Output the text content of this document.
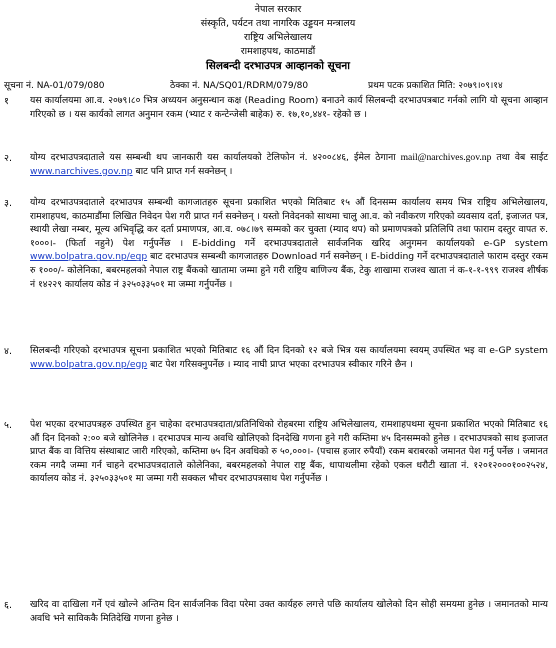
नेपाल सरकार
संस्कृति, पर्यटन तथा नागरिक उड्डयन मन्त्रालय
राष्ट्रिय अभिलेखालय
रामशाहपथ, काठमाडौं
सिलबन्दी दरभाउपत्र आव्हानको सूचना
सूचना नं. NA-01/079/080	ठेक्का नं. NA/SQ01/RDRM/079/80	प्रथम पटक प्रकाशित मिति: २०७९।०९।१४
१ यस कार्यालयमा आ.व. २०७९।८० भित्र अध्ययन अनुसन्धान कक्ष (Reading Room) बनाउने कार्य सिलबन्दी दरभाउपत्रबाट गर्नको लागि यो सूचना आव्हान गरिएको छ । यस कार्यको लागत अनुमान रकम (भ्याट र कन्टेन्जेसी बाहेक) रु. १७,१०,४४१- रहेको छ ।

२. योग्य दरभाउपत्रदाताले यस सम्बन्धी थप जानकारी यस कार्यालयको टेलिफोन नं. ४२००८४६, ईमेल ठेगाना mail@narchives.gov.np तथा वेब साईट www.narchives.gov.np बाट पनि प्राप्त गर्न सक्नेछन् ।

३. योग्य दरभाउपत्रदाताले दरभाउपत्र सम्बन्धी कागजातहरु सूचना प्रकाशित भएको मितिबाट १५ औं दिनसम्म कार्यालय समय भित्र राष्ट्रिय अभिलेखालय, रामशाहपथ, काठमाडौंमा लिखित निवेदन पेश गरी प्राप्त गर्न सक्नेछन् । यस्तो निवेदनको साथमा चालु आ.व. को नवीकरण गरिएको व्यवसाय दर्ता, इजाजत पत्र, स्थायी लेखा नम्बर, मूल्य अभिवृद्धि कर दर्ता प्रमाणपत्र, आ.व. ०७८।७९ सम्मको कर चुक्ता (म्याद थप) को प्रमाणपत्रको प्रतिलिपि तथा फाराम दस्तुर वापत रु. १०००।- (फिर्ता नहुने) पेश गर्नुपर्नेछ । E-bidding गर्ने दरभाउपत्रदाताले सार्वजनिक खरिद अनुगमन कार्यालयको e-GP system www.bolpatra.gov.np/egp बाट दरभाउपत्र सम्बन्धी कागजातहरु Download गर्न सक्नेछन् । E-bidding गर्ने दरभाउपत्रदाताले फाराम दस्तुर रकम रु १०००/- कोलेनिका, बबरमहलको नेपाल राष्ट्र बैंकको खातामा जम्मा हुने गरी राष्ट्रिय बाणिज्य बैंक, टेकु शाखामा राजश्व खाता नं क-१-१-९९९ राजश्व शीर्षक नं १४२२९ कार्यालय कोड नं ३२५०३३५०१ मा जम्मा गर्नुपर्नेछ ।

४. सिलबन्दी गरिएको दरभाउपत्र सूचना प्रकाशित भएको मितिबाट १६ औं दिन दिनको १२ बजे भित्र यस कार्यालयमा स्वयम् उपस्थित भइ वा e-GP system www.bolpatra.gov.np/egp बाट पेश गरिसक्नुपर्नेछ । म्याद नाघी प्राप्त भएका दरभाउपत्र स्वीकार गरिने छैन ।

५. पेश भएका दरभाउपत्रहरु उपस्थित हुन चाहेका दरभाउपत्रदाता/प्रतिनिधिको रोहबरमा राष्ट्रिय अभिलेखालय, रामशाहपथमा सूचना प्रकाशित भएको मितिबाट १६ औं दिन दिनको २:०० बजे खोलिनेछ । दरभाउपत्र मान्य अवधि खोलिएको दिनदेखि गणना हुने गरी कम्तिमा ४५ दिनसम्मको हुनेछ । दरभाउपत्रको साथ इजाजत प्राप्त बैंक वा वित्तिय संस्थाबाट जारी गरिएको, कम्तिमा ७५ दिन अवधिको रु ५०,०००।- (पचास हजार रुपैयाँ) रकम बराबरको जमानत पेश गर्नु पर्नेछ । जमानत रकम नगदै जम्मा गर्न चाहने दरभाउपत्रदाताले कोलेनिका, बबरमहलको नेपाल राष्ट्र बैंक, धापाथलीमा रहेको एकल धरौटी खाता नं. १२०१२०००१००२५२४, कार्यालय कोड नं. ३२५०३३५०१ मा जम्मा गरी सक्कल भौचर दरभाउपत्रसाथ पेश गर्नुपर्नेछ ।

६. खरिद वा दाखिला गर्ने एवं खोल्ने अन्तिम दिन सार्वजनिक विदा परेमा उक्त कार्यहरु लगत्ते पछि कार्यालय खोलेको दिन सोही समयमा हुनेछ । जमानतको मान्य अवधि भने साविककै मितिदेखि गणना हुनेछ ।
